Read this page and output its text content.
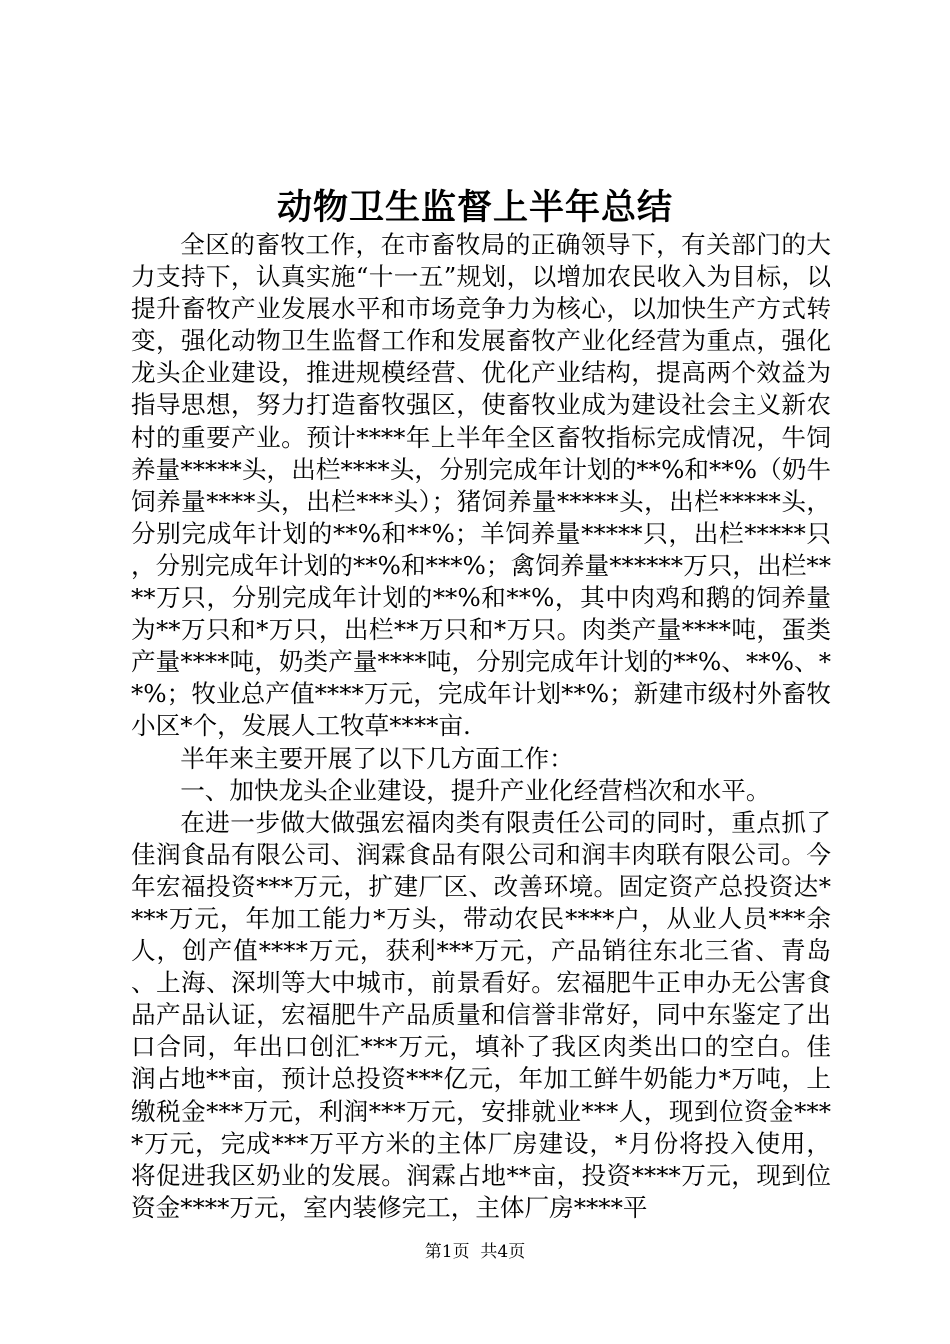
动物卫生监督上半年总结

全区的畜牧工作，在市畜牧局的正确领导下，有关部门的大力支持下，认真实施“十一五”规划，以增加农民收入为目标，以提升畜牧产业发展水平和市场竞争力为核心，以加快生产方式转变，强化动物卫生监督工作和发展畜牧产业化经营为重点，强化龙头企业建设，推进规模经营、优化产业结构，提高两个效益为指导思想，努力打造畜牧强区，使畜牧业成为建设社会主义新农村的重要产业。预计****年上半年全区畜牧指标完成情况，牛饲养量*****头，出栏****头，分别完成年计划的**%和**%（奶牛饲养量****头，出栏***头）；猪饲养量*****头，出栏*****头，分别完成年计划的**%和**%；羊饲养量*****只，出栏*****只，分别完成年计划的**%和***%；禽饲养量******万只，出栏****万只，分别完成年计划的**%和**%，其中肉鸡和鹅的饲养量为**万只和*万只，出栏**万只和*万只。肉类产量****吨，蛋类产量****吨，奶类产量****吨，分别完成年计划的**%、**%、**%；牧业总产值****万元，完成年计划**%；新建市级村外畜牧小区*个，发展人工牧草****亩.

半年来主要开展了以下几方面工作：

一、加快龙头企业建设，提升产业化经营档次和水平。

在进一步做大做强宏福肉类有限责任公司的同时，重点抓了佳润食品有限公司、润霖食品有限公司和润丰肉联有限公司。今年宏福投资***万元，扩建厂区、改善环境。固定资产总投资达****万元，年加工能力*万头，带动农民****户，从业人员***余人，创产值****万元，获利***万元，产品销往东北三省、青岛、上海、深圳等大中城市，前景看好。宏福肥牛正申办无公害食品产品认证，宏福肥牛产品质量和信誉非常好，同中东鉴定了出口合同，年出口创汇***万元，填补了我区肉类出口的空白。佳润占地**亩，预计总投资***亿元，年加工鲜牛奶能力*万吨，上缴税金***万元，利润***万元，安排就业***人，现到位资金****万元，完成***万平方米的主体厂房建设，*月份将投入使用，将促进我区奶业的发展。润霖占地**亩，投资****万元，现到位资金****万元，室内装修完工，主体厂房****平

第1页  共4页
